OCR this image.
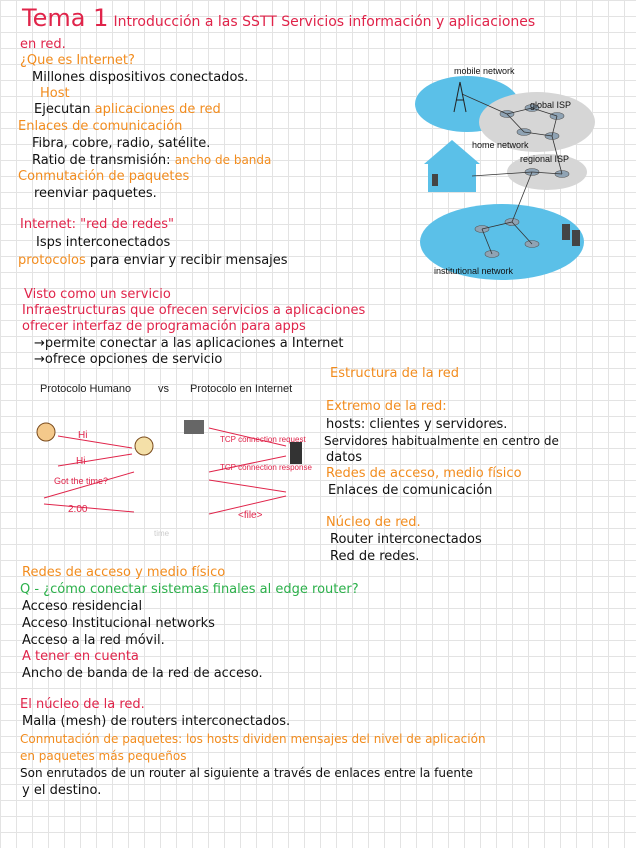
Tema 1 Introducción a las SSTT Servicios información y aplicaciones
en red.
¿Que es Internet?
Millones dispositivos conectados.
Host
Ejecutan aplicaciones de red
Enlaces de comunicación
Fibra, cobre, radio, satélite.
Ratio de transmisión: ancho de banda
Conmutación de paquetes
reenviar paquetes.
Internet: "red de redes"
Isps interconectados
protocolos para enviar y recibir mensajes
Visto como un servicio
Infraestructuras que ofrecen servicios a aplicaciones
ofrecer interfaz de programación para apps
→permite conectar a las aplicaciones a Internet
→ofrece opciones de servicio
mobile network
global ISP
home network
regional ISP
institutional network
Protocolo Humano vs Protocolo en Internet
Hi
Hi
Got the time?
2:00
TCP connection request
TCP connection response
<file>
time
Estructura de la red
Extremo de la red:
hosts: clientes y servidores.
Servidores habitualmente en centro de
datos
Redes de acceso, medio físico
Enlaces de comunicación
Núcleo de red.
Router interconectados
Red de redes.
Redes de acceso y medio físico
Q - ¿cómo conectar sistemas finales al edge router?
Acceso residencial
Acceso Institucional networks
Acceso a la red móvil.
A tener en cuenta
Ancho de banda de la red de acceso.
El núcleo de la red.
Malla (mesh) de routers interconectados.
Conmutación de paquetes: los hosts dividen mensajes del nivel de aplicación
en paquetes más pequeños
Son enrutados de un router al siguiente a través de enlaces entre la fuente
y el destino.
